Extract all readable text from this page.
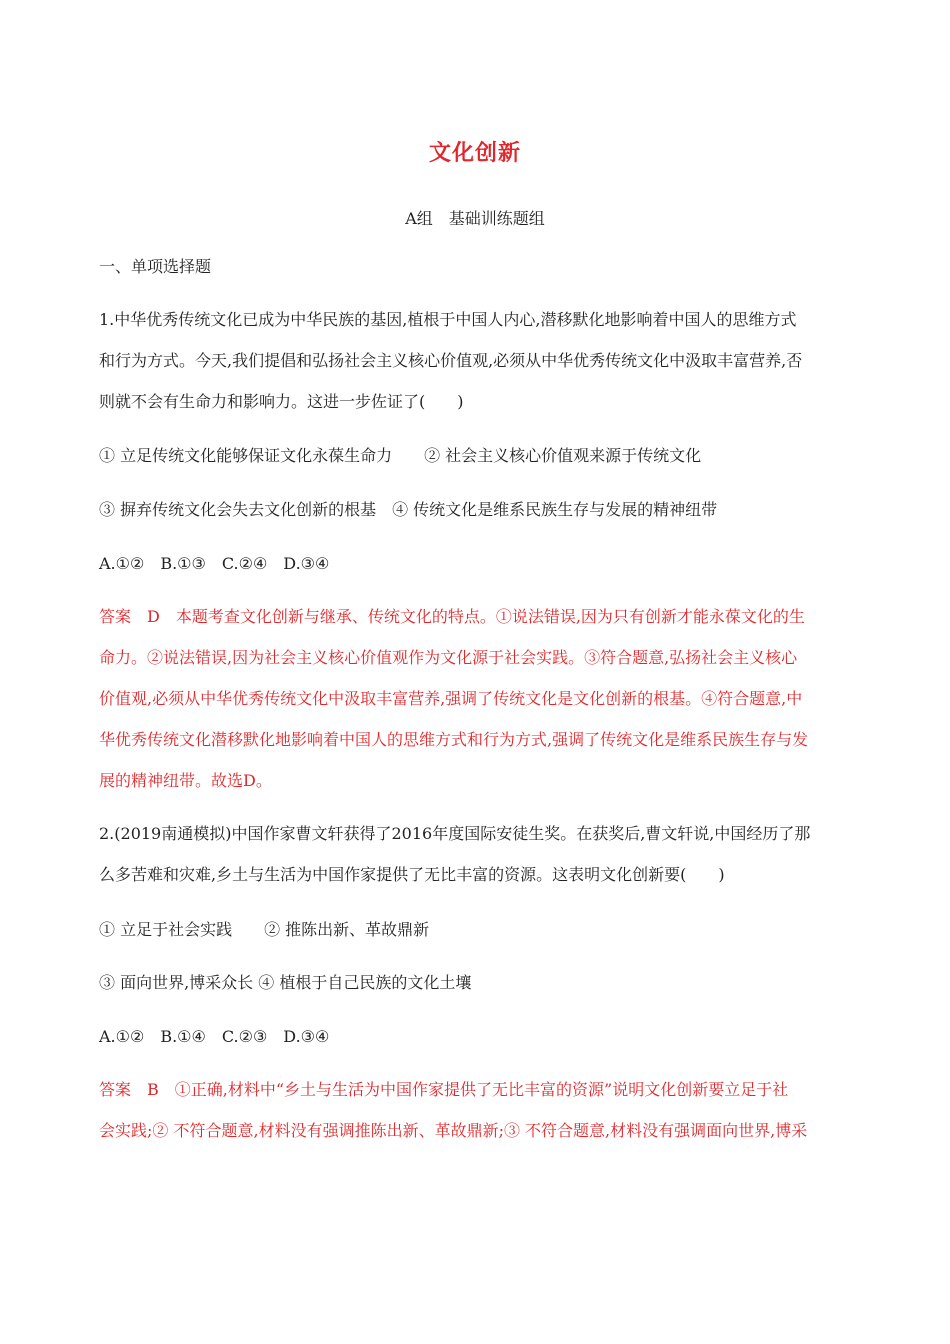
文化创新
A组　基础训练题组
一、单项选择题
1.中华优秀传统文化已成为中华民族的基因,植根于中国人内心,潜移默化地影响着中国人的思维方式
和行为方式。今天,我们提倡和弘扬社会主义核心价值观,必须从中华优秀传统文化中汲取丰富营养,否
则就不会有生命力和影响力。这进一步佐证了(　　)
① 立足传统文化能够保证文化永葆生命力　　② 社会主义核心价值观来源于传统文化
③ 摒弃传统文化会失去文化创新的根基　④ 传统文化是维系民族生存与发展的精神纽带
A.①②　B.①③　C.②④　D.③④
答案　D　本题考查文化创新与继承、传统文化的特点。①说法错误,因为只有创新才能永葆文化的生
命力。②说法错误,因为社会主义核心价值观作为文化源于社会实践。③符合题意,弘扬社会主义核心
价值观,必须从中华优秀传统文化中汲取丰富营养,强调了传统文化是文化创新的根基。④符合题意,中
华优秀传统文化潜移默化地影响着中国人的思维方式和行为方式,强调了传统文化是维系民族生存与发
展的精神纽带。故选D。
2.(2019南通模拟)中国作家曹文轩获得了2016年度国际安徒生奖。在获奖后,曹文轩说,中国经历了那
么多苦难和灾难,乡土与生活为中国作家提供了无比丰富的资源。这表明文化创新要(　　)
① 立足于社会实践　　② 推陈出新、革故鼎新
③ 面向世界,博采众长 ④ 植根于自己民族的文化土壤
A.①②　B.①④　C.②③　D.③④
答案　B　①正确,材料中“乡土与生活为中国作家提供了无比丰富的资源”说明文化创新要立足于社
会实践;② 不符合题意,材料没有强调推陈出新、革故鼎新;③ 不符合题意,材料没有强调面向世界,博采
